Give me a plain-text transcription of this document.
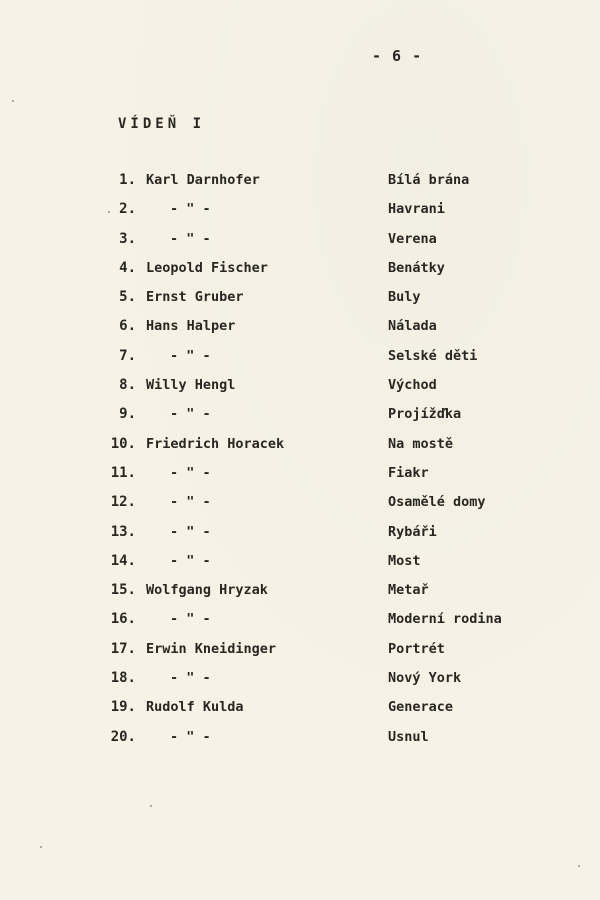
- 6 -
VÍDEŇ I
1. Karl Darnhofer	Bílá brána
2.	- " -	Havrani
3.	- " -	Verena
4. Leopold Fischer	Benátky
5. Ernst Gruber	Buly
6. Hans Halper	Nálada
7.	- " -	Selské děti
8. Willy Hengl	Východ
9.	- " -	Projížďka
10. Friedrich Horacek	Na mostě
11.	- " -	Fiakr
12.	- " -	Osamělé domy
13.	- " -	Rybáři
14.	- " -	Most
15. Wolfgang Hryzak	Metař
16.	- " -	Moderní rodina
17. Erwin Kneidinger	Portrét
18.	- " -	Nový York
19. Rudolf Kulda	Generace
20.	- " -	Usnul
